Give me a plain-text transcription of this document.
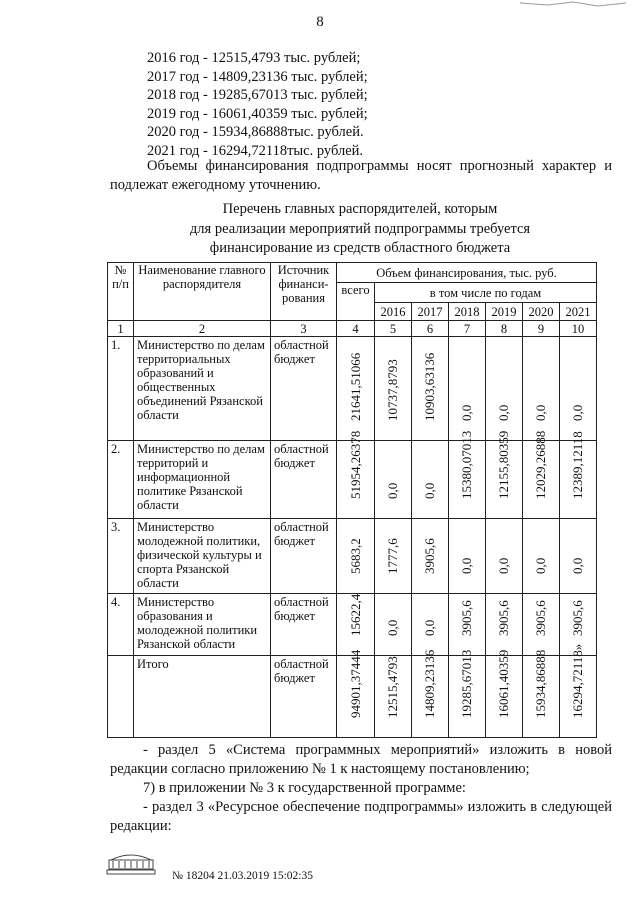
8
2016 год - 12515,4793 тыс. рублей;
2017 год - 14809,23136 тыс. рублей;
2018 год - 19285,67013 тыс. рублей;
2019 год - 16061,40359 тыс. рублей;
2020 год - 15934,86888тыс. рублей.
2021 год - 16294,72118тыс. рублей.
Объемы финансирования подпрограммы носят прогнозный характер и подлежат ежегодному уточнению.
Перечень главных распорядителей, которым
для реализации мероприятий подпрограммы требуется
финансирование из средств областного бюджета
№ п/п	Наименование главного распорядителя	Источник финанси-рования	Объем финансирования, тыс. руб.						
			всего	в том числе по годам					
				2016	2017	2018	2019	2020	2021
1	2	3	4	5	6	7	8	9	10
1.	Министерство по делам территориальных образований и общественных объединений Рязанской области	областной бюджет	21641,51066	10737,8793	10903,63136	0,0	0,0	0,0	0,0

2.	Министерство по делам территорий и информационной политике Рязанской области	областной бюджет	51954,26378	0,0	0,0	15380,07013	12155,80359	12029,26888	12389,12118

3.	Министерство молодежной политики, физической культуры и спорта Рязанской области	областной бюджет	5683,2	1777,6	3905,6	0,0	0,0	0,0	0,0

4.	Министерство образования и молодежной политики Рязанской области	областной бюджет	15622,4	0,0	0,0	3905,6	3905,6	3905,6	3905,6

	Итого	областной бюджет	94901,37444	12515,4793	14809,23136	19285,67013	16061,40359	15934,86888	16294,72118»
- раздел 5 «Система программных мероприятий» изложить в новой редакции согласно приложению № 1 к настоящему постановлению;
7) в приложении № 3 к государственной программе:
- раздел 3 «Ресурсное обеспечение подпрограммы» изложить в следующей редакции:
№ 18204 21.03.2019 15:02:35
